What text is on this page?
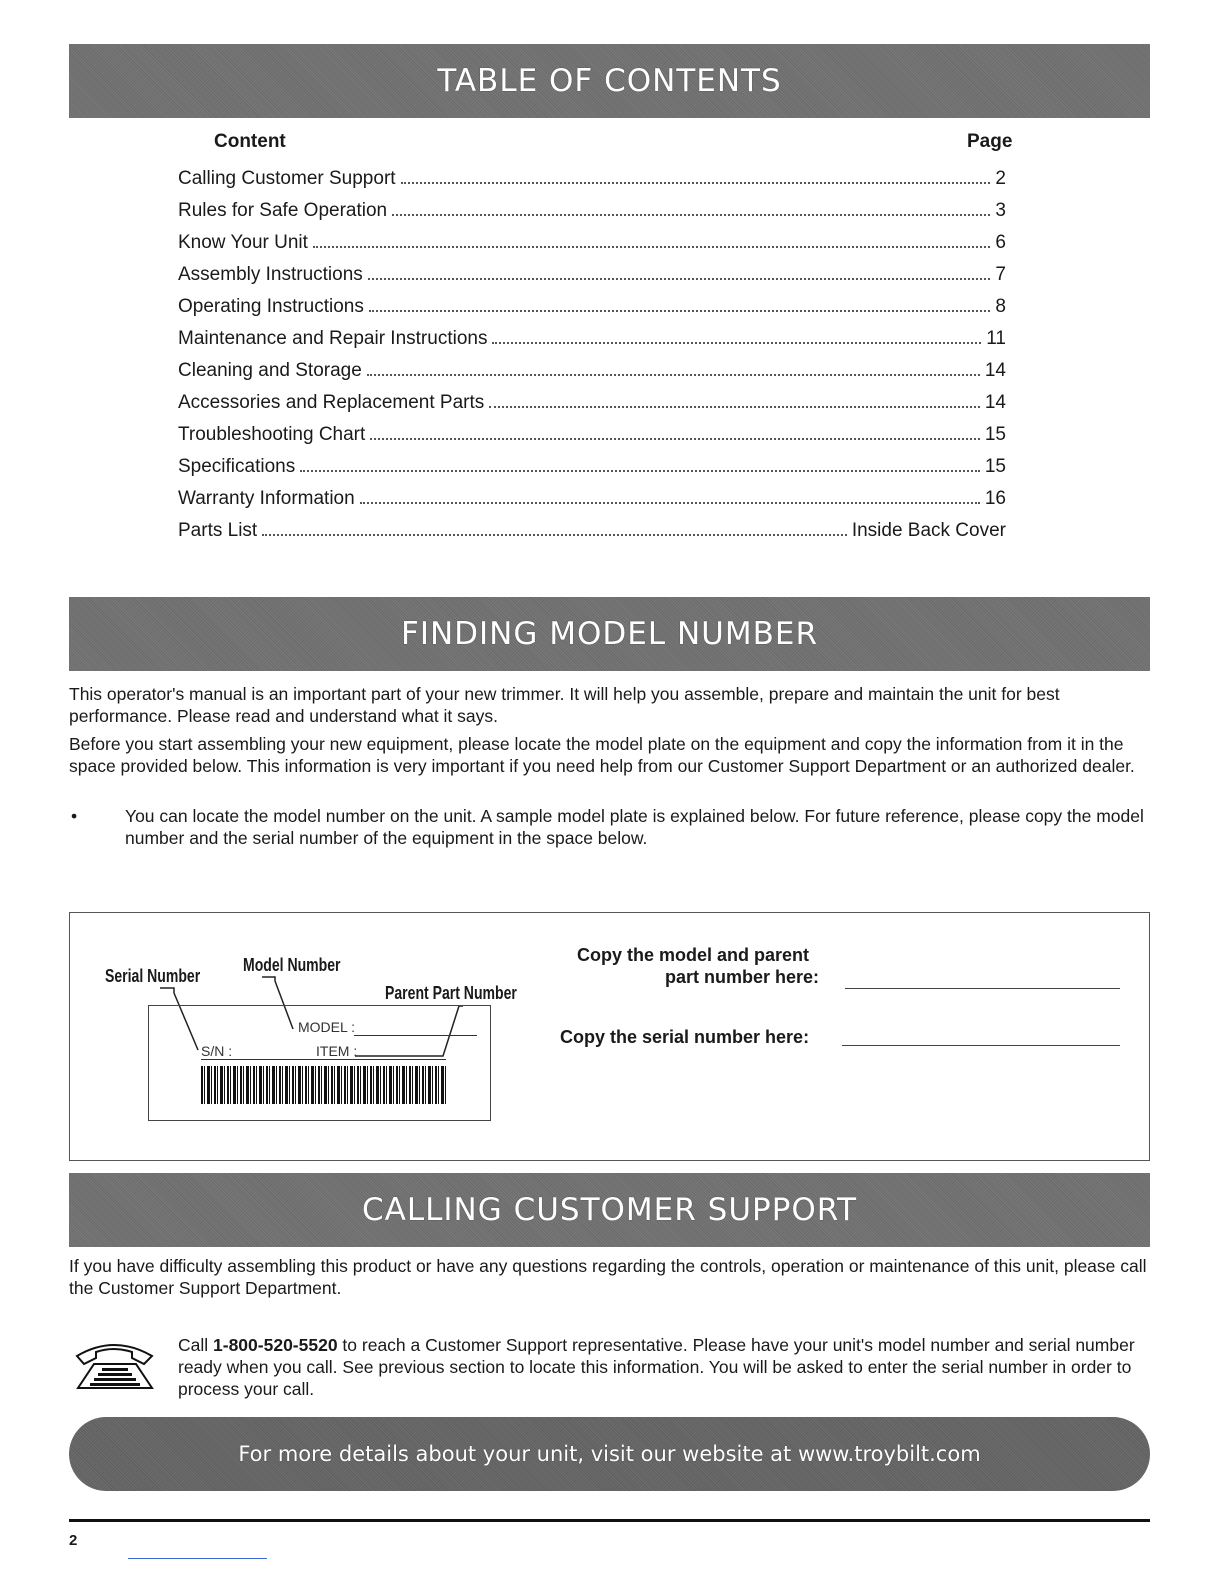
TABLE OF CONTENTS
Content	Page
Calling Customer Support	2
Rules for Safe Operation	3
Know Your Unit	6
Assembly Instructions	7
Operating Instructions	8
Maintenance and Repair Instructions	11
Cleaning and Storage	14
Accessories and Replacement Parts	14
Troubleshooting Chart	15
Specifications	15
Warranty Information	16
Parts List	Inside Back Cover
FINDING MODEL NUMBER

This operator's manual is an important part of your new trimmer. It will help you assemble, prepare and maintain the unit for best performance. Please read and understand what it says.

Before you start assembling your new equipment, please locate the model plate on the equipment and copy the information from it in the space provided below. This information is very important if you need help from our Customer Support Department or an authorized dealer.

•	You can locate the model number on the unit. A sample model plate is explained below. For future reference, please copy the model number and the serial number of the equipment in the space below.
Serial Number
Model Number
Parent Part Number
MODEL :
S/N :	ITEM :
Copy the model and parent
part number here:
Copy the serial number here:
CALLING CUSTOMER SUPPORT

If you have difficulty assembling this product or have any questions regarding the controls, operation or maintenance of this unit, please call the Customer Support Department.

Call 1-800-520-5520 to reach a Customer Support representative. Please have your unit's model number and serial number ready when you call. See previous section to locate this information. You will be asked to enter the serial number in order to process your call.

For more details about your unit, visit our website at www.troybilt.com
2
